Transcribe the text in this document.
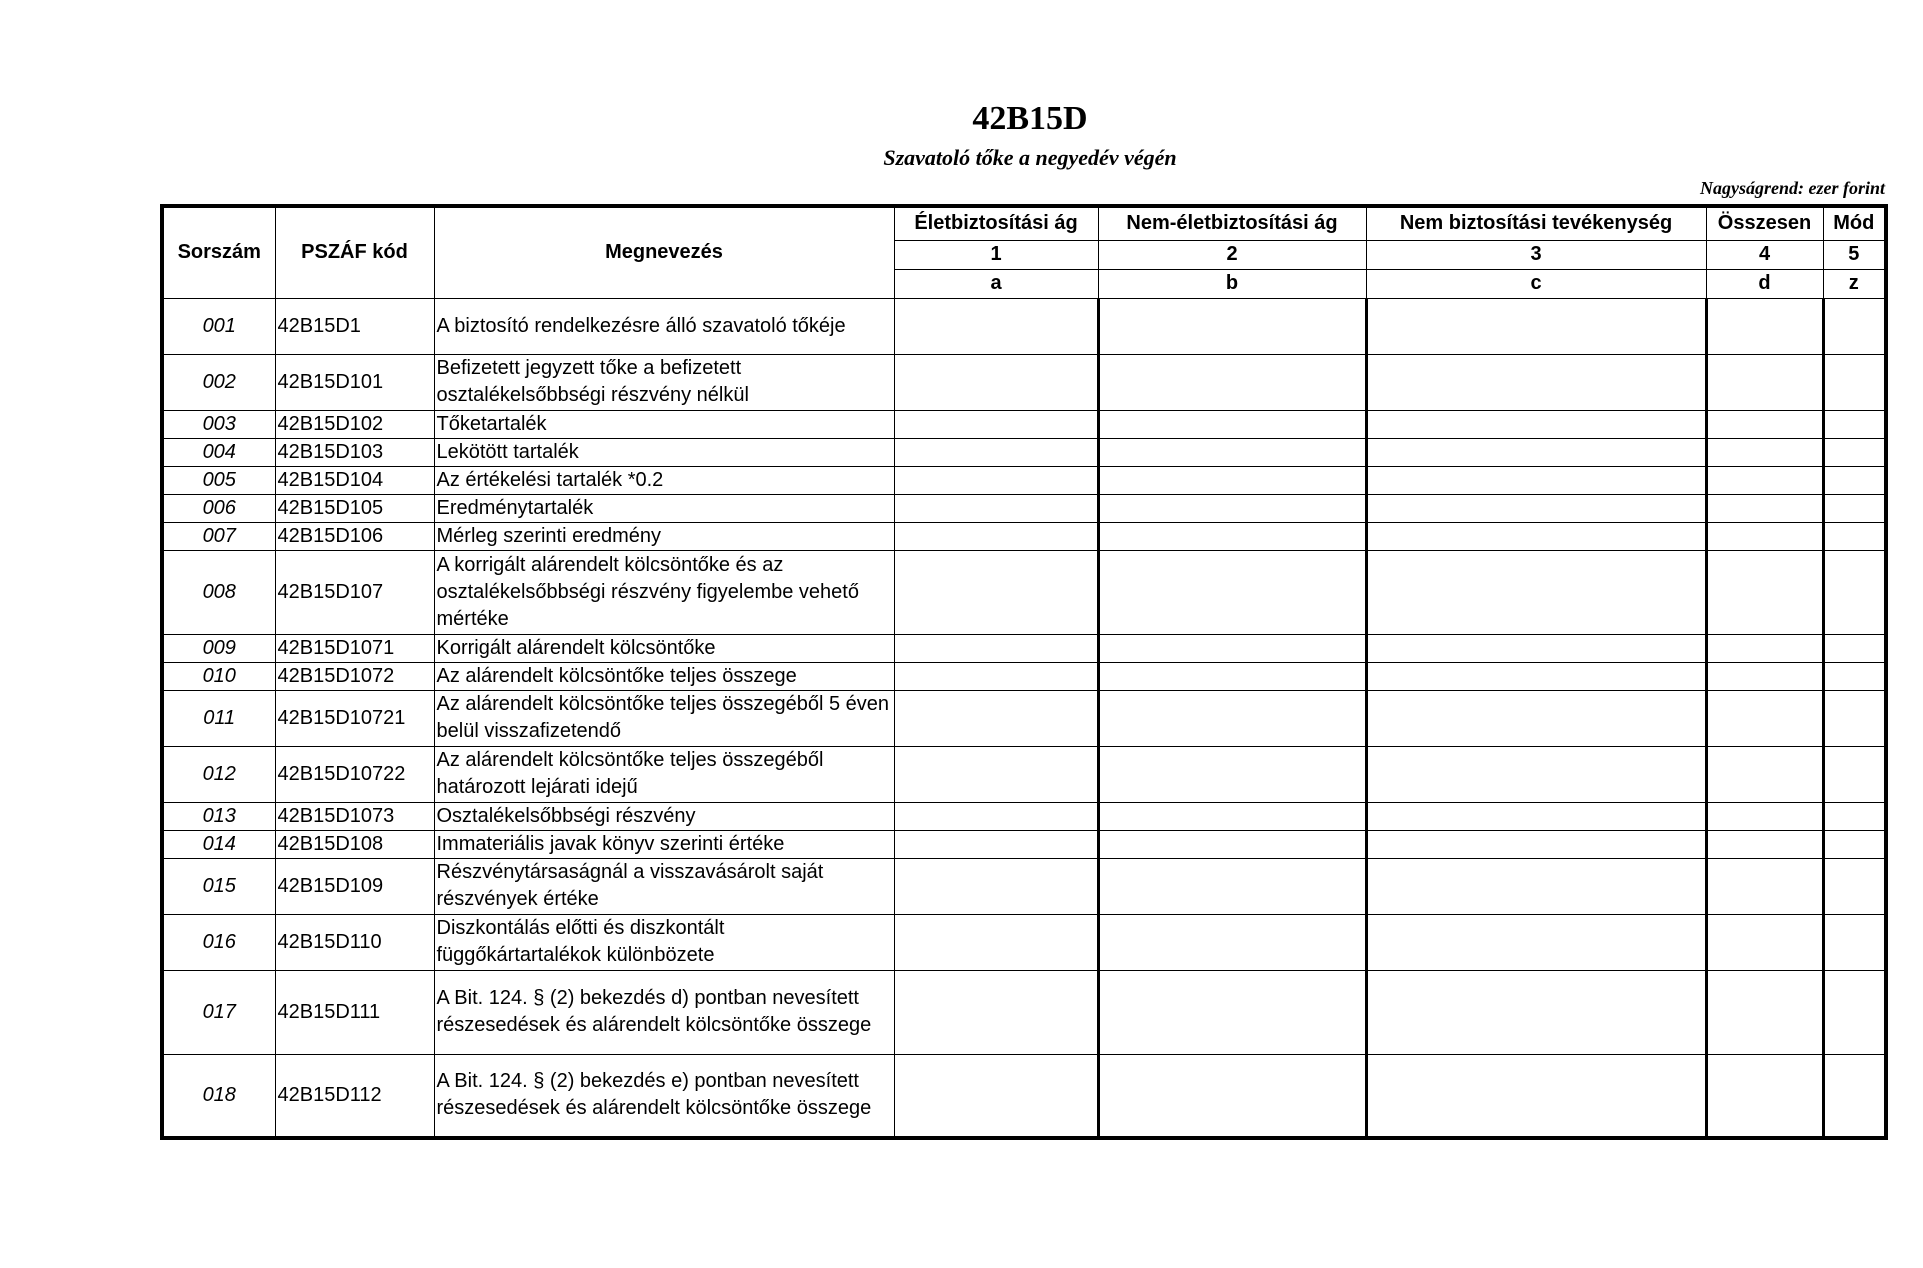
42B15D
Szavatoló tőke a negyedév végén
Nagyságrend: ezer forint
Sorszám	PSZÁF kód	Megnevezés	Életbiztosítási ág	Nem-életbiztosítási ág	Nem biztosítási tevékenység	Összesen	Mód
			1	2	3	4	5
			a	b	c	d	z
001	42B15D1	A biztosító rendelkezésre álló szavatoló tőkéje					
002	42B15D101	Befizetett jegyzett tőke a befizetett osztalékelsőbbségi részvény nélkül					
003	42B15D102	Tőketartalék					
004	42B15D103	Lekötött tartalék					
005	42B15D104	Az értékelési tartalék *0.2					
006	42B15D105	Eredménytartalék					
007	42B15D106	Mérleg szerinti eredmény					
008	42B15D107	A korrigált alárendelt kölcsöntőke és az osztalékelsőbbségi részvény figyelembe vehető mértéke					
009	42B15D1071	Korrigált alárendelt kölcsöntőke					
010	42B15D1072	Az alárendelt kölcsöntőke teljes összege					
011	42B15D10721	Az alárendelt kölcsöntőke teljes összegéből 5 éven belül visszafizetendő					
012	42B15D10722	Az alárendelt kölcsöntőke teljes összegéből határozott lejárati idejű					
013	42B15D1073	Osztalékelsőbbségi részvény					
014	42B15D108	Immateriális javak könyv szerinti értéke					
015	42B15D109	Részvénytársaságnál a visszavásárolt saját részvények értéke					
016	42B15D110	Diszkontálás előtti és diszkontált függőkártartalékok különbözete					
017	42B15D111	A Bit. 124. § (2) bekezdés d) pontban nevesített részesedések és alárendelt kölcsöntőke összege					
018	42B15D112	A Bit. 124. § (2) bekezdés e) pontban nevesített részesedések és alárendelt kölcsöntőke összege					
